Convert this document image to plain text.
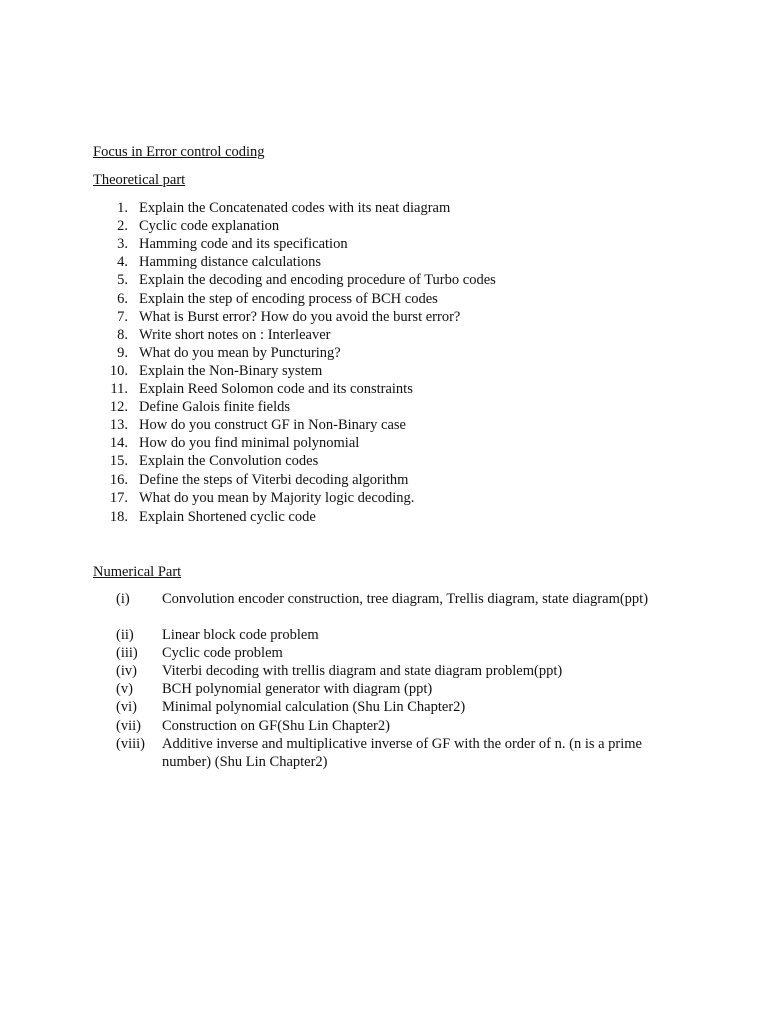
Focus in Error control coding
Theoretical part
1. Explain the Concatenated codes with its neat diagram
2. Cyclic code explanation
3. Hamming code and its specification
4. Hamming distance calculations
5. Explain the decoding and encoding procedure of Turbo codes
6. Explain the step of encoding process of BCH codes
7. What is Burst error? How do you avoid the burst error?
8. Write short notes on : Interleaver
9. What do you mean by Puncturing?
10. Explain the Non-Binary system
11. Explain Reed Solomon code and its constraints
12. Define Galois finite fields
13. How do you construct GF in Non-Binary case
14. How do you find minimal polynomial
15. Explain the Convolution codes
16. Define the steps of Viterbi decoding algorithm
17. What do you mean by Majority logic decoding.
18. Explain Shortened cyclic code
Numerical Part
(i) Convolution encoder construction, tree diagram, Trellis diagram, state diagram(ppt)
(ii) Linear block code problem
(iii) Cyclic code problem
(iv) Viterbi decoding with trellis diagram and state diagram problem(ppt)
(v) BCH polynomial generator with diagram (ppt)
(vi) Minimal polynomial calculation (Shu Lin Chapter2)
(vii) Construction on GF(Shu Lin Chapter2)
(viii) Additive inverse and multiplicative inverse of GF with the order of n. (n is a prime number) (Shu Lin Chapter2)
